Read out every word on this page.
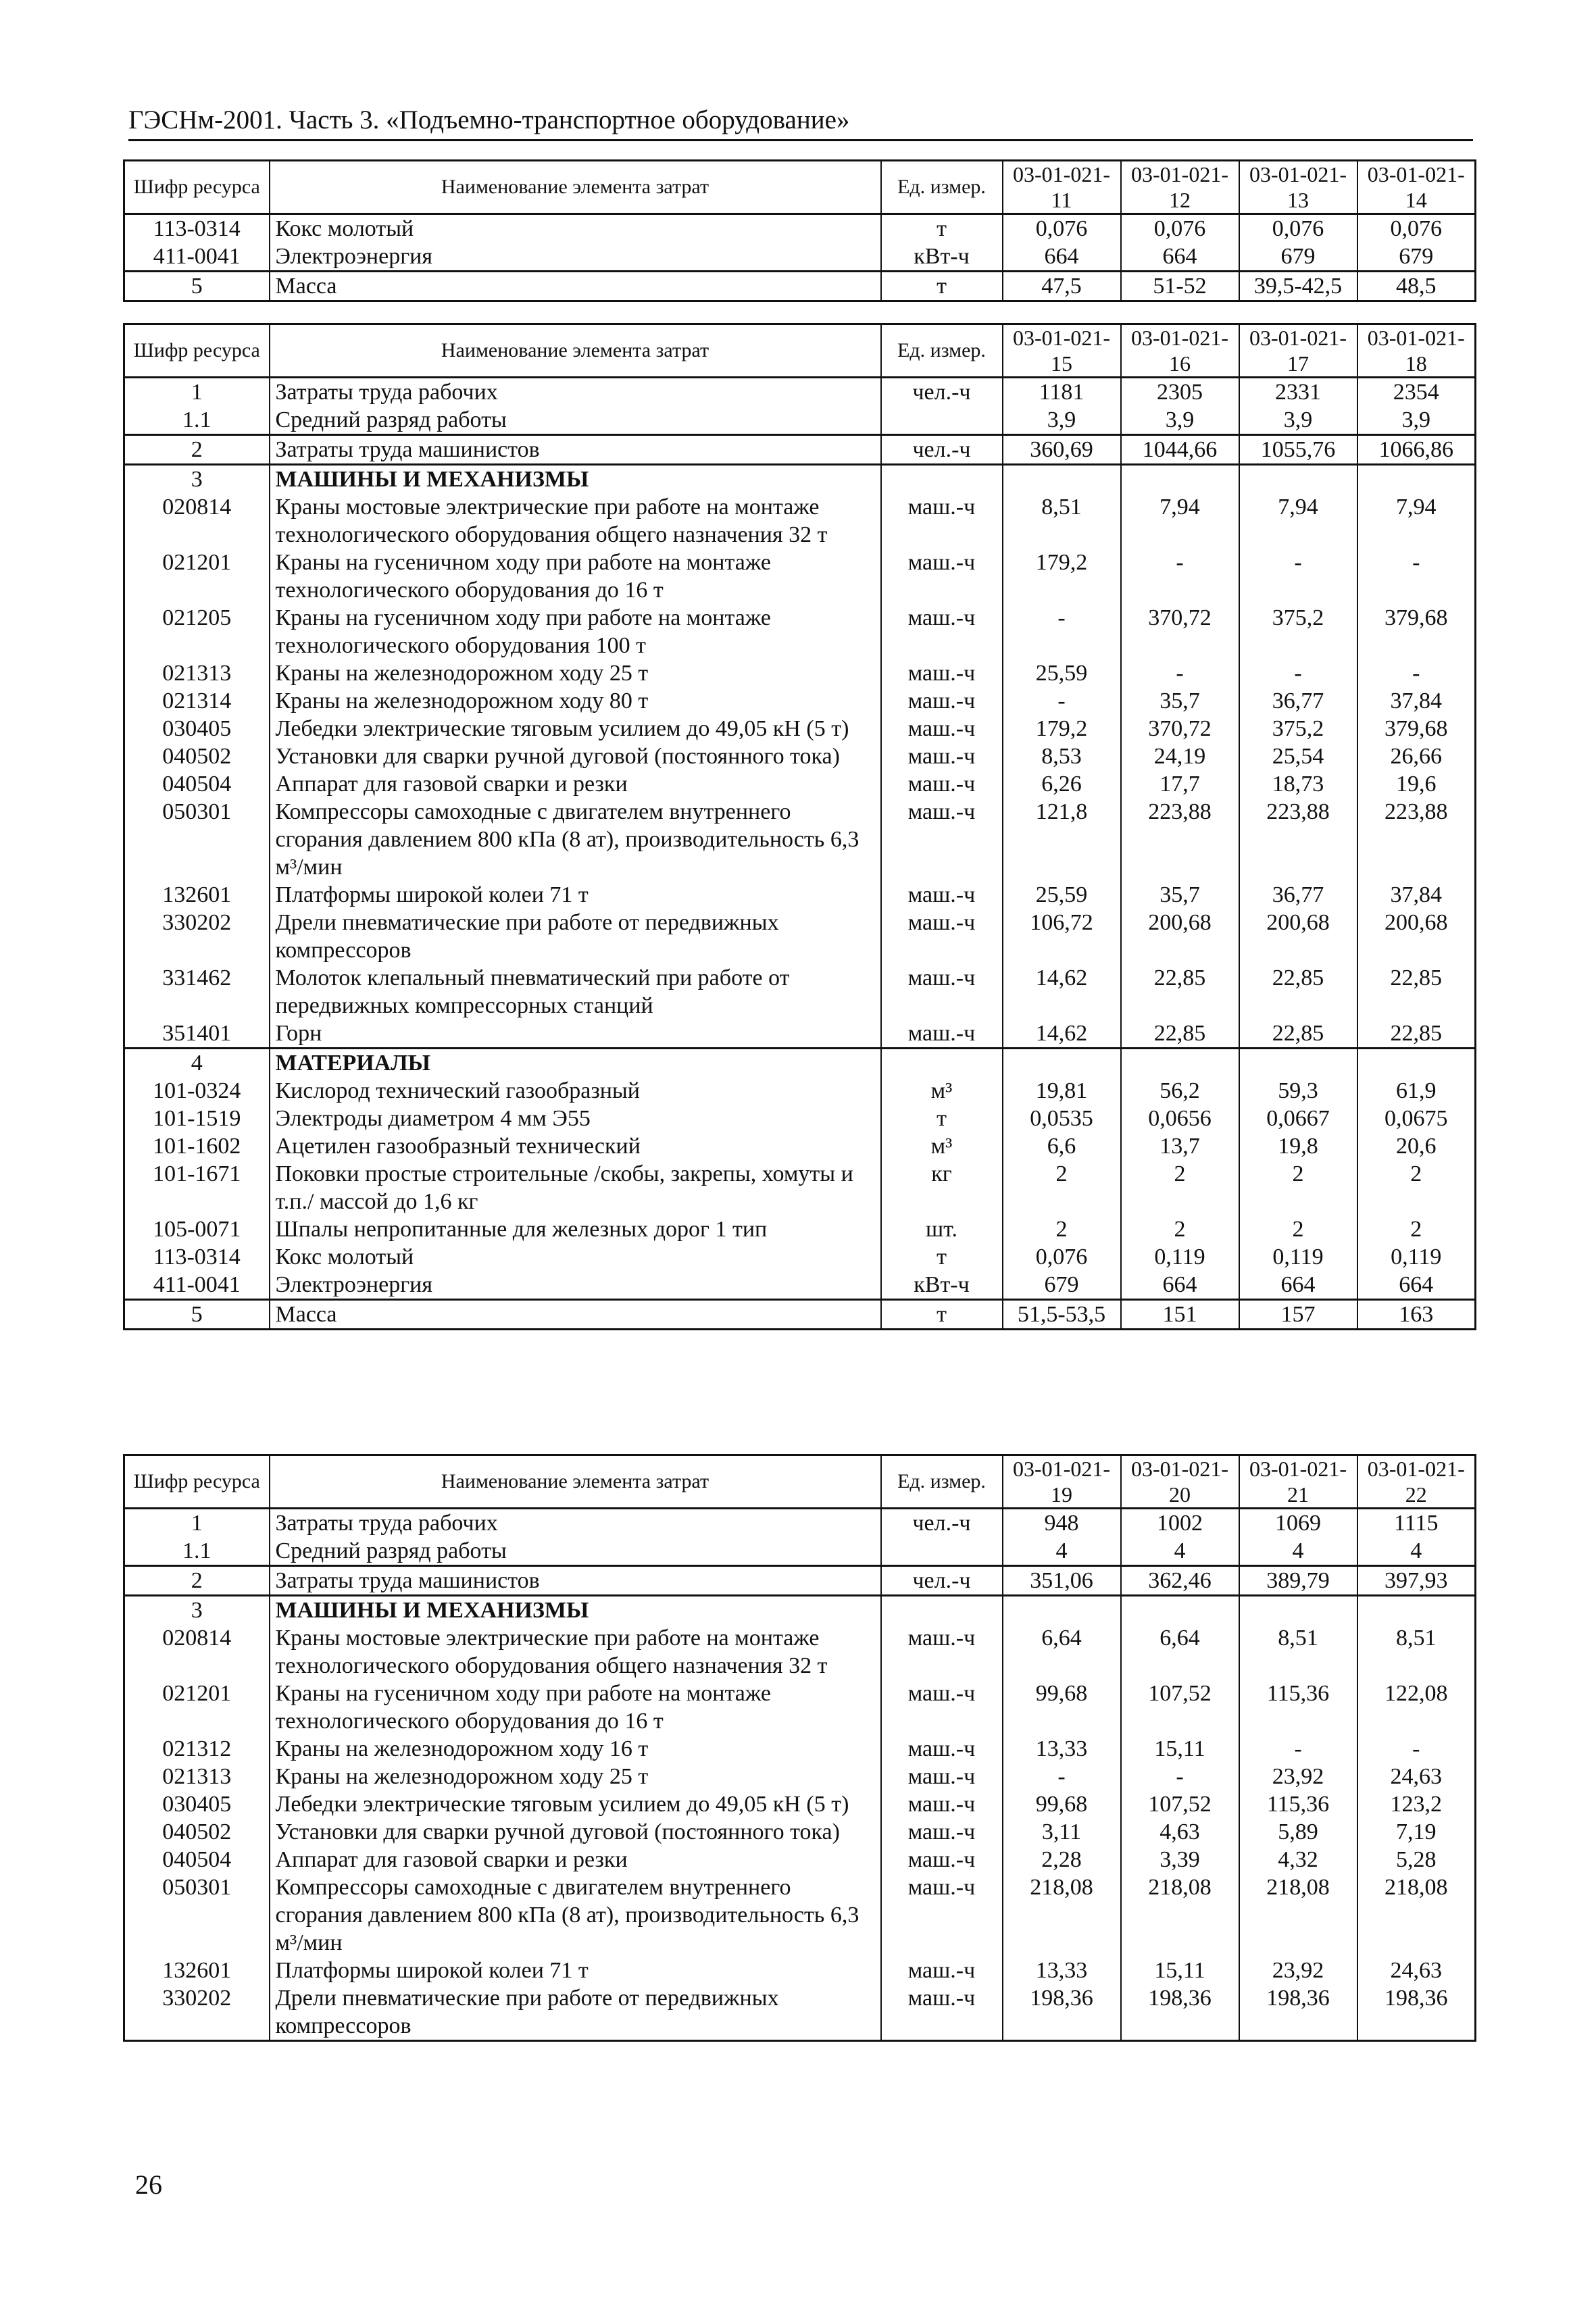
ГЭСНм-2001. Часть 3. «Подъемно-транспортное оборудование»
Шифр ресурса	Наименование элемента затрат	Ед. измер.	03-01-021-11	03-01-021-12	03-01-021-13	03-01-021-14
113-0314	Кокс молотый	т	0,076	0,076	0,076	0,076
411-0041	Электроэнергия	кВт-ч	664	664	679	679
5	Масса	т	47,5	51-52	39,5-42,5	48,5
Шифр ресурса	Наименование элемента затрат	Ед. измер.	03-01-021-15	03-01-021-16	03-01-021-17	03-01-021-18
1	Затраты труда рабочих	чел.-ч	1181	2305	2331	2354
1.1	Средний разряд работы		3,9	3,9	3,9	3,9
2	Затраты труда машинистов	чел.-ч	360,69	1044,66	1055,76	1066,86
3	МАШИНЫ И МЕХАНИЗМЫ					
020814	Краны мостовые электрические при работе на монтаже технологического оборудования общего назначения 32 т	маш.-ч	8,51	7,94	7,94	7,94
021201	Краны на гусеничном ходу при работе на монтаже технологического оборудования до 16 т	маш.-ч	179,2	-	-	-
021205	Краны на гусеничном ходу при работе на монтаже технологического оборудования 100 т	маш.-ч	-	370,72	375,2	379,68
021313	Краны на железнодорожном ходу 25 т	маш.-ч	25,59	-	-	-
021314	Краны на железнодорожном ходу 80 т	маш.-ч	-	35,7	36,77	37,84
030405	Лебедки электрические тяговым усилием до 49,05 кН (5 т)	маш.-ч	179,2	370,72	375,2	379,68
040502	Установки для сварки ручной дуговой (постоянного тока)	маш.-ч	8,53	24,19	25,54	26,66
040504	Аппарат для газовой сварки и резки	маш.-ч	6,26	17,7	18,73	19,6
050301	Компрессоры самоходные с двигателем внутреннего сгорания давлением 800 кПа (8 ат), производительность 6,3 м³/мин	маш.-ч	121,8	223,88	223,88	223,88
132601	Платформы широкой колеи 71 т	маш.-ч	25,59	35,7	36,77	37,84
330202	Дрели пневматические при работе от передвижных компрессоров	маш.-ч	106,72	200,68	200,68	200,68
331462	Молоток клепальный пневматический при работе от передвижных компрессорных станций	маш.-ч	14,62	22,85	22,85	22,85
351401	Горн	маш.-ч	14,62	22,85	22,85	22,85
4	МАТЕРИАЛЫ					
101-0324	Кислород технический газообразный	м³	19,81	56,2	59,3	61,9
101-1519	Электроды диаметром 4 мм Э55	т	0,0535	0,0656	0,0667	0,0675
101-1602	Ацетилен газообразный технический	м³	6,6	13,7	19,8	20,6
101-1671	Поковки простые строительные /скобы, закрепы, хомуты и т.п./ массой до 1,6 кг	кг	2	2	2	2
105-0071	Шпалы непропитанные для железных дорог 1 тип	шт.	2	2	2	2
113-0314	Кокс молотый	т	0,076	0,119	0,119	0,119
411-0041	Электроэнергия	кВт-ч	679	664	664	664
5	Масса	т	51,5-53,5	151	157	163
Шифр ресурса	Наименование элемента затрат	Ед. измер.	03-01-021-19	03-01-021-20	03-01-021-21	03-01-021-22
1	Затраты труда рабочих	чел.-ч	948	1002	1069	1115
1.1	Средний разряд работы		4	4	4	4
2	Затраты труда машинистов	чел.-ч	351,06	362,46	389,79	397,93
3	МАШИНЫ И МЕХАНИЗМЫ					
020814	Краны мостовые электрические при работе на монтаже технологического оборудования общего назначения 32 т	маш.-ч	6,64	6,64	8,51	8,51
021201	Краны на гусеничном ходу при работе на монтаже технологического оборудования до 16 т	маш.-ч	99,68	107,52	115,36	122,08
021312	Краны на железнодорожном ходу 16 т	маш.-ч	13,33	15,11	-	-
021313	Краны на железнодорожном ходу 25 т	маш.-ч	-	-	23,92	24,63
030405	Лебедки электрические тяговым усилием до 49,05 кН (5 т)	маш.-ч	99,68	107,52	115,36	123,2
040502	Установки для сварки ручной дуговой (постоянного тока)	маш.-ч	3,11	4,63	5,89	7,19
040504	Аппарат для газовой сварки и резки	маш.-ч	2,28	3,39	4,32	5,28
050301	Компрессоры самоходные с двигателем внутреннего сгорания давлением 800 кПа (8 ат), производительность 6,3 м³/мин	маш.-ч	218,08	218,08	218,08	218,08
132601	Платформы широкой колеи 71 т	маш.-ч	13,33	15,11	23,92	24,63
330202	Дрели пневматические при работе от передвижных компрессоров	маш.-ч	198,36	198,36	198,36	198,36
26
